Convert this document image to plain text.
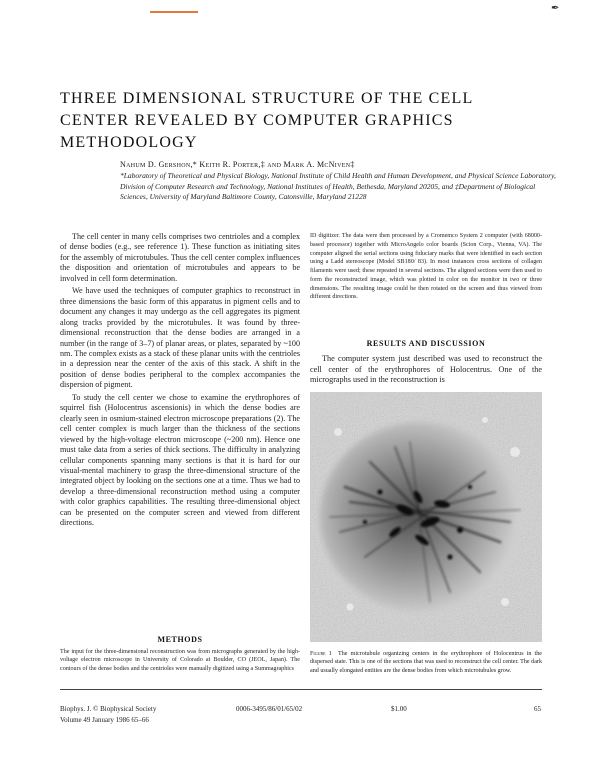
✒
THREE DIMENSIONAL STRUCTURE OF THE CELL CENTER REVEALED BY COMPUTER GRAPHICS METHODOLOGY
Nahum D. Gershon,* Keith R. Porter,‡ and Mark A. McNiven‡

*Laboratory of Theoretical and Physical Biology, National Institute of Child Health and Human Development, and Physical Science Laboratory, Division of Computer Research and Technology, National Institutes of Health, Bethesda, Maryland 20205, and ‡Department of Biological Sciences, University of Maryland Baltimore County, Catonsville, Maryland 21228

The cell center in many cells comprises two centrioles and a complex of dense bodies (e.g., see reference 1). These function as initiating sites for the assembly of microtubules. Thus the cell center complex influences the disposition and orientation of microtubules and appears to be involved in cell form determination.

We have used the techniques of computer graphics to reconstruct in three dimensions the basic form of this apparatus in pigment cells and to document any changes it may undergo as the cell aggregates its pigment along tracks provided by the microtubules. It was found by three-dimensional reconstruction that the dense bodies are arranged in a number (in the range of 3–7) of planar areas, or plates, separated by ~100 nm. The complex exists as a stack of these planar units with the centrioles in a depression near the center of the axis of this stack. A shift in the position of dense bodies peripheral to the complex accompanies the dispersion of pigment.

To study the cell center we chose to examine the erythrophores of squirrel fish (Holocentrus ascensionis) in which the dense bodies are clearly seen in osmium-stained electron microscope preparations (2). The cell center complex is much larger than the thickness of the sections viewed by the high-voltage electron microscope (~200 nm). Hence one must take data from a series of thick sections. The difficulty in analyzing cellular components spanning many sections is that it is hard for our visual-mental machinery to grasp the three-dimensional structure of the integrated object by looking on the sections one at a time. Thus we had to develop a three-dimensional reconstruction method using a computer with color graphics capabilities. The resulting three-dimensional object can be presented on the computer screen and viewed from different directions.

METHODS

The input for the three-dimensional reconstruction was from micrographs generated by the high-voltage electron microscope in University of Colorado at Boulder, CO (JEOL, Japan). The contours of the dense bodies and the centrioles were manually digitized using a Summagraphics

ID digitizer. The data were then processed by a Cromemco System 2 computer (with 68000-based processor) together with MicroAngelo color boards (Scion Corp., Vienna, VA). The computer aligned the serial sections using fiduciary marks that were identified in each section using a Ladd stereoscope (Model SB180/ 83). In most instances cross sections of collagen filaments were used; these repeated in several sections. The aligned sections were then used to form the reconstructed image, which was plotted in color on the monitor in two or three dimensions. The resulting image could be then rotated on the screen and thus viewed from different directions.

RESULTS AND DISCUSSION

The computer system just described was used to reconstruct the cell center of the erythrophores of Holocentrus. One of the micrographs used in the reconstruction is

Figure 1 The microtubule organizing centers in the erythrophore of Holocentrus in the dispersed state. This is one of the sections that was used to reconstruct the cell center. The dark and usually elongated entities are the dense bodies from which microtubules grow.

Biophys. J. © Biophysical Society	0006-3495/86/01/65/02	$1.00	65
Volume 49 January 1986 65–66
